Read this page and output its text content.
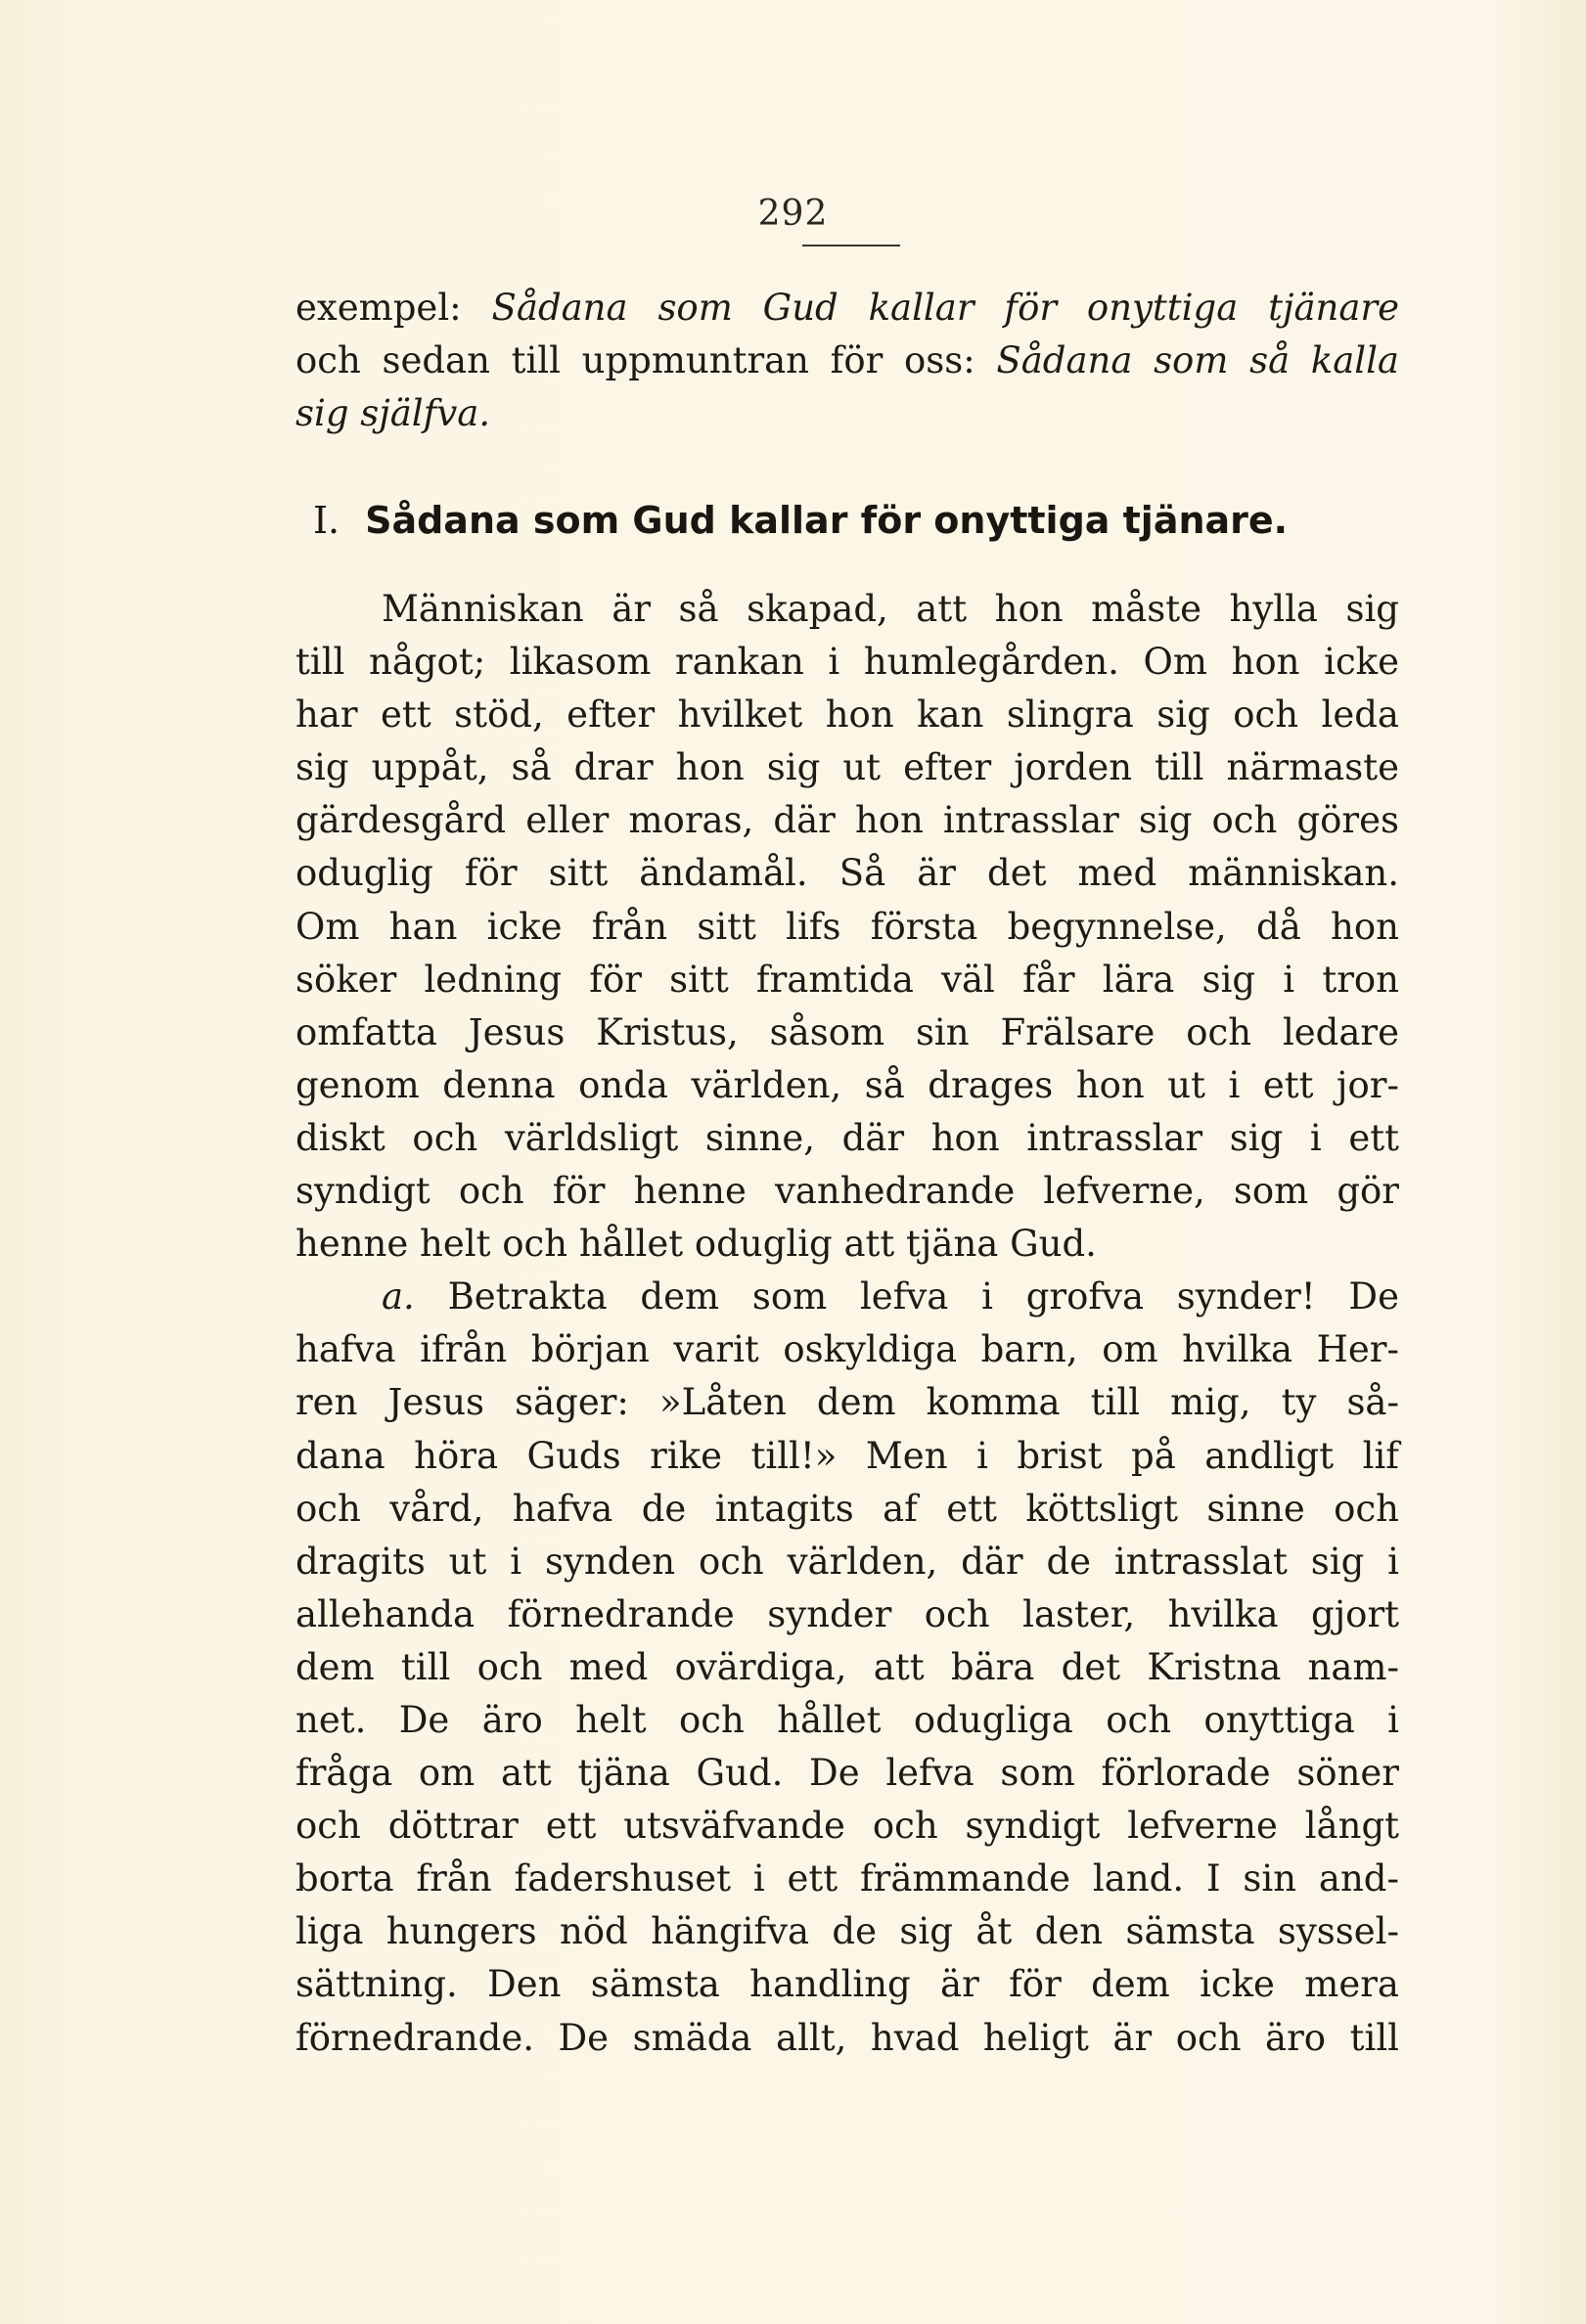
292
exempel: Sådana som Gud kallar för onyttiga tjänare
och sedan till uppmuntran för oss: Sådana som så kalla
sig själfva.
I. Sådana som Gud kallar för onyttiga tjänare.
Människan är så skapad, att hon måste hylla sig
till något; likasom rankan i humlegården. Om hon icke
har ett stöd, efter hvilket hon kan slingra sig och leda
sig uppåt, så drar hon sig ut efter jorden till närmaste
gärdesgård eller moras, där hon intrasslar sig och göres
oduglig för sitt ändamål. Så är det med människan.
Om han icke från sitt lifs första begynnelse, då hon
söker ledning för sitt framtida väl får lära sig i tron
omfatta Jesus Kristus, såsom sin Frälsare och ledare
genom denna onda världen, så drages hon ut i ett jor-
diskt och världsligt sinne, där hon intrasslar sig i ett
syndigt och för henne vanhedrande lefverne, som gör
henne helt och hållet oduglig att tjäna Gud.
a. Betrakta dem som lefva i grofva synder! De
hafva ifrån början varit oskyldiga barn, om hvilka Her-
ren Jesus säger: »Låten dem komma till mig, ty så-
dana höra Guds rike till!» Men i brist på andligt lif
och vård, hafva de intagits af ett köttsligt sinne och
dragits ut i synden och världen, där de intrasslat sig i
allehanda förnedrande synder och laster, hvilka gjort
dem till och med ovärdiga, att bära det Kristna nam-
net. De äro helt och hållet odugliga och onyttiga i
fråga om att tjäna Gud. De lefva som förlorade söner
och döttrar ett utsväfvande och syndigt lefverne långt
borta från fadershuset i ett främmande land. I sin and-
liga hungers nöd hängifva de sig åt den sämsta syssel-
sättning. Den sämsta handling är för dem icke mera
förnedrande. De smäda allt, hvad heligt är och äro till
